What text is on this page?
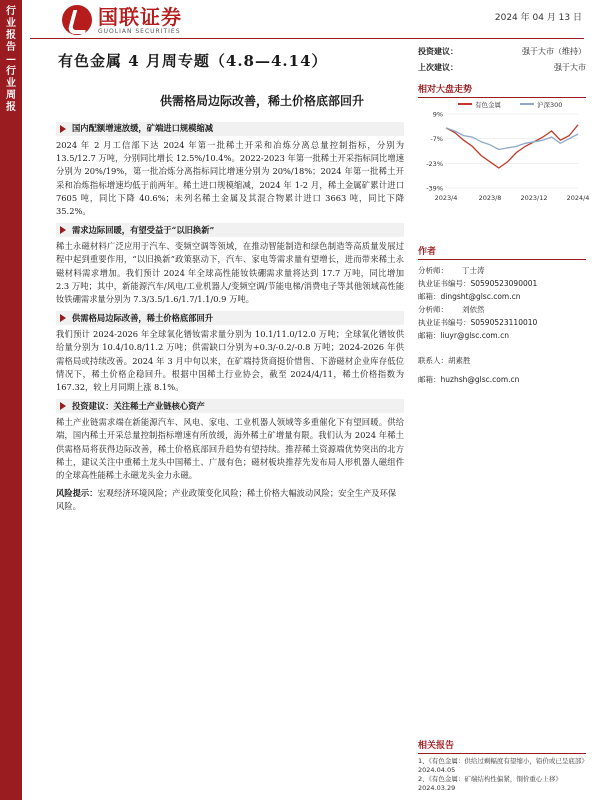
行业报告—行业周报
国联证券
GUOLIAN SECURITIES
2024 年 04 月 13 日
有色金属 4 月周专题（4.8—4.14）
供需格局边际改善，稀土价格底部回升
投资建议：	强于大市（维持）
上次建议：	强于大市
国内配额增速放缓，矿端进口规模缩减
2024 年 2 月工信部下达 2024 年第一批稀土开采和冶炼分离总量控制指标，分别为 13.5/12.7 万吨，分别同比增长 12.5%/10.4%。2022-2023 年第一批稀土开采指标同比增速分别为 20%/19%，第一批冶炼分离指标同比增速分别为 20%/18%；2024 年第一批稀土开采和冶炼指标增速均低于前两年。稀土进口规模缩减，2024 年 1-2 月，稀土金属矿累计进口 7605 吨，同比下降 40.6%；未列名稀土金属及其混合物累计进口 3663 吨，同比下降 35.2%。
需求边际回暖，有望受益于“以旧换新”
稀土永磁材料广泛应用于汽车、变频空调等领域，在推动智能制造和绿色制造等高质量发展过程中起到重要作用，“以旧换新”政策驱动下，汽车、家电等需求量有望增长，进而带来稀土永磁材料需求增加。我们预计 2024 年全球高性能钕铁硼需求量将达到 17.7 万吨，同比增加 2.3 万吨；其中，新能源汽车/风电/工业机器人/变频空调/节能电梯/消费电子等其他领域高性能钕铁硼需求量分别为 7.3/3.5/1.6/1.7/1.1/0.9 万吨。
供需格局边际改善，稀土价格底部回升
我们预计 2024-2026 年全球氧化镨钕需求量分别为 10.1/11.0/12.0 万吨；全球氧化镨钕供给量分别为 10.4/10.8/11.2 万吨；供需缺口分别为+0.3/-0.2/-0.8 万吨；2024-2026 年供需格局或持续改善。2024 年 3 月中旬以来，在矿端持货商挺价惜售、下游磁材企业库存低位情况下，稀土价格企稳回升。根据中国稀土行业协会，截至 2024/4/11，稀土价格指数为 167.32，较上月同期上涨 8.1%。
投资建议：关注稀土产业链核心资产
稀土产业链需求端在新能源汽车、风电、家电、工业机器人领域等多重催化下有望回暖。供给端，国内稀土开采总量控制指标增速有所放缓，海外稀土矿增量有限。我们认为 2024 年稀土供需格局将获得边际改善，稀土价格底部回升趋势有望持续。推荐稀土资源端优势突出的北方稀土，建议关注中重稀土龙头中国稀土、广晟有色；磁材板块推荐先发布局人形机器人磁组件的全球高性能稀土永磁龙头金力永磁。
风险提示：宏观经济环境风险；产业政策变化风险；稀土价格大幅波动风险；安全生产及环保风险。
相对大盘走势
有色金属	沪深300
9%
-7%
-23%
-39%
2023/4	2023/8	2023/12	2024/4
作者
分析师： 丁士涛
执业证书编号：S0590523090001
邮箱：dingsht@glsc.com.cn
分析师： 刘依然
执业证书编号：S0590523110010
邮箱：liuyr@glsc.com.cn
联系人：胡素胜
邮箱：huzhsh@glsc.com.cn
相关报告
1、《有色金属：供给过剩幅度有望缩小，铅价或已呈底部》2024.04.05
2、《有色金属：矿端结构性偏紧，铜价重心上移》2024.03.29
